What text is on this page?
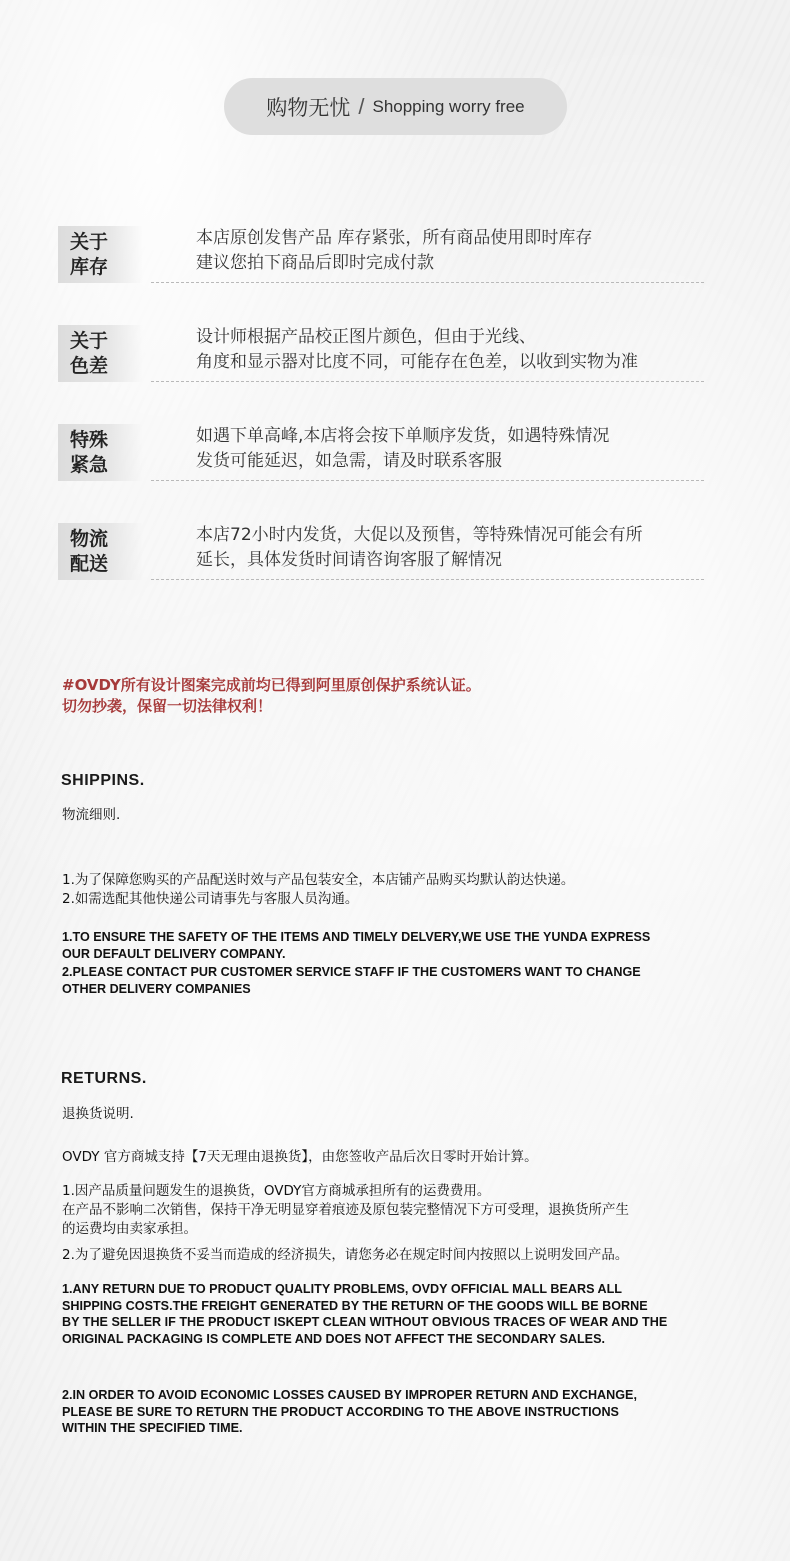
购物无忧 / Shopping worry free
关于
库存
本店原创发售产品 库存紧张，所有商品使用即时库存
建议您拍下商品后即时完成付款
关于
色差
设计师根据产品校正图片颜色，但由于光线、
角度和显示器对比度不同，可能存在色差，以收到实物为准
特殊
紧急
如遇下单高峰,本店将会按下单顺序发货，如遇特殊情况
发货可能延迟，如急需，请及时联系客服
物流
配送
本店72小时内发货，大促以及预售，等特殊情况可能会有所
延长，具体发货时间请咨询客服了解情况
#OVDY所有设计图案完成前均已得到阿里原创保护系统认证。
切勿抄袭，保留一切法律权利！
SHIPPINS.
物流细则.
1.为了保障您购买的产品配送时效与产品包装安全，本店铺产品购买均默认韵达快递。
2.如需选配其他快递公司请事先与客服人员沟通。
1.TO ENSURE THE SAFETY OF THE ITEMS AND TIMELY DELVERY,WE USE THE YUNDA EXPRESS
OUR DEFAULT DELIVERY COMPANY.
2.PLEASE CONTACT PUR CUSTOMER SERVICE STAFF IF THE CUSTOMERS WANT TO CHANGE
OTHER DELIVERY COMPANIES
RETURNS.
退换货说明.
OVDY 官方商城支持【7天无理由退换货】，由您签收产品后次日零时开始计算。
1.因产品质量问题发生的退换货，OVDY官方商城承担所有的运费费用。
在产品不影响二次销售，保持干净无明显穿着痕迹及原包装完整情况下方可受理，退换货所产生
的运费均由卖家承担。
2.为了避免因退换货不妥当而造成的经济损失，请您务必在规定时间内按照以上说明发回产品。
1.ANY RETURN DUE TO PRODUCT QUALITY PROBLEMS, OVDY OFFICIAL MALL BEARS ALL
SHIPPING COSTS.THE FREIGHT GENERATED BY THE RETURN OF THE GOODS WILL BE BORNE
BY THE SELLER IF THE PRODUCT ISKEPT CLEAN WITHOUT OBVIOUS TRACES OF WEAR AND THE
ORIGINAL PACKAGING IS COMPLETE AND DOES NOT AFFECT THE SECONDARY SALES.
2.IN ORDER TO AVOID ECONOMIC LOSSES CAUSED BY IMPROPER RETURN AND EXCHANGE,
PLEASE BE SURE TO RETURN THE PRODUCT ACCORDING TO THE ABOVE INSTRUCTIONS
WITHIN THE SPECIFIED TIME.
